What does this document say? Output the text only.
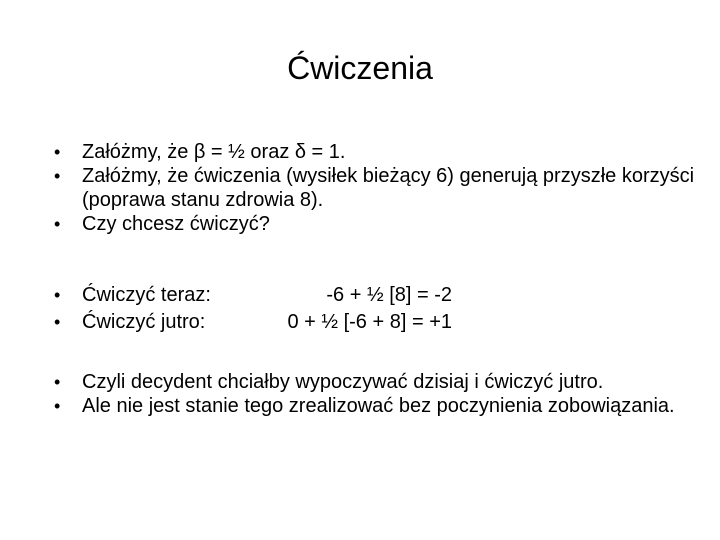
Ćwiczenia
•	Załóżmy, że β = ½ oraz δ = 1.
•	Załóżmy, że ćwiczenia (wysiłek bieżący 6) generują przyszłe korzyści (poprawa stanu zdrowia 8).
•	Czy chcesz ćwiczyć?
•	Ćwiczyć teraz:	-6 + ½ [8] = -2
•	Ćwiczyć jutro:	0 + ½ [-6 + 8] = +1
•	Czyli decydent chciałby wypoczywać dzisiaj i ćwiczyć jutro.
•	Ale nie jest stanie tego zrealizować bez poczynienia zobowiązania.
